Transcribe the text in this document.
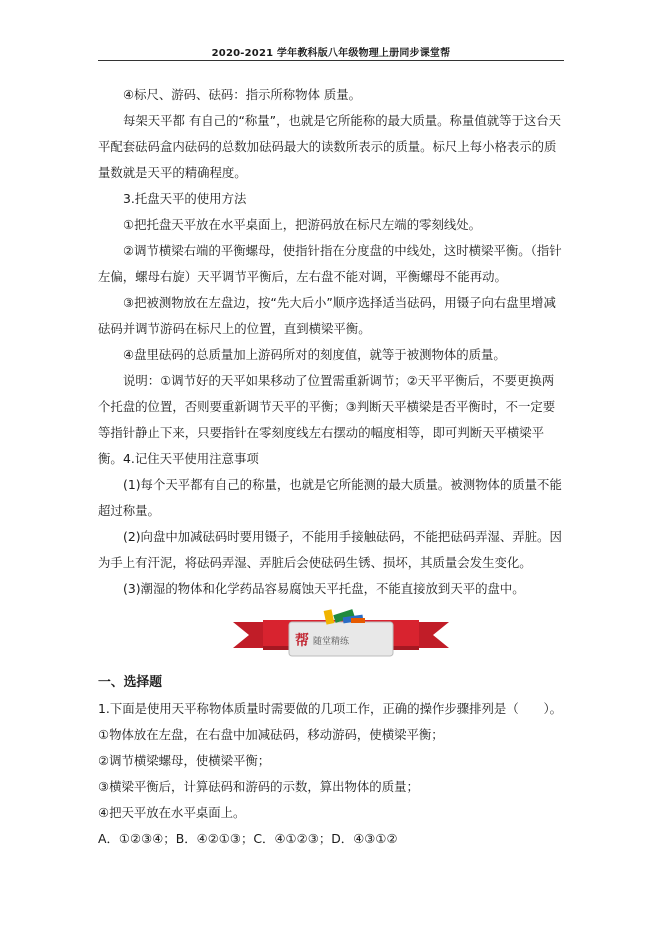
2020-2021 学年教科版八年级物理上册同步课堂帮

④标尺、游码、砝码：指示所称物体 质量。

每架天平都 有自己的“称量”，也就是它所能称的最大质量。称量值就等于这台天平配套砝码盒内砝码的总数加砝码最大的读数所表示的质量。标尺上每小格表示的质量数就是天平的精确程度。

3.托盘天平的使用方法

①把托盘天平放在水平桌面上，把游码放在标尺左端的零刻线处。

②调节横梁右端的平衡螺母，使指针指在分度盘的中线处，这时横梁平衡。（指针左偏，螺母右旋）天平调节平衡后，左右盘不能对调，平衡螺母不能再动。

③把被测物放在左盘边，按“先大后小”顺序选择适当砝码，用镊子向右盘里增减砝码并调节游码在标尺上的位置，直到横梁平衡。

④盘里砝码的总质量加上游码所对的刻度值，就等于被测物体的质量。

说明：①调节好的天平如果移动了位置需重新调节；②天平平衡后，不要更换两个托盘的位置，否则要重新调节天平的平衡；③判断天平横梁是否平衡时，不一定要等指针静止下来，只要指针在零刻度线左右摆动的幅度相等，即可判断天平横梁平衡。 4.记住天平使用注意事项

(1)每个天平都有自己的称量，也就是它所能测的最大质量。被测物体的质量不能超过称量。

(2)向盘中加减砝码时要用镊子，不能用手接触砝码，不能把砝码弄湿、弄脏。因为手上有汗泥，将砝码弄湿、弄脏后会使砝码生锈、损坏，其质量会发生变化。

(3)潮湿的物体和化学药品容易腐蚀天平托盘，不能直接放到天平的盘中。

帮 随堂精练

一、选择题

1.下面是使用天平称物体质量时需要做的几项工作，正确的操作步骤排列是（　　）。

①物体放在左盘，在右盘中加减砝码，移动游码，使横梁平衡；

②调节横梁螺母，使横梁平衡；

③横梁平衡后，计算砝码和游码的示数，算出物体的质量；

④把天平放在水平桌面上。

A．①②③④；B．④②①③；C．④①②③；D．④③①②
